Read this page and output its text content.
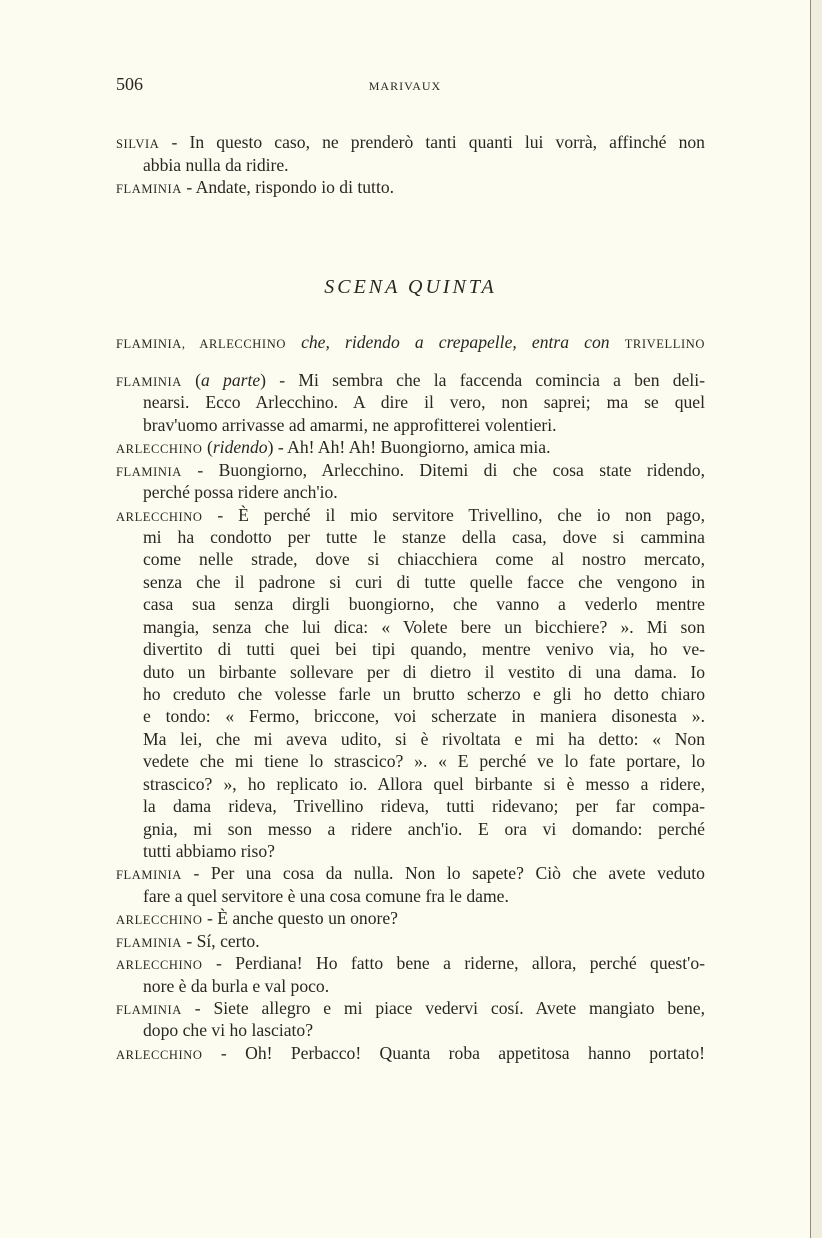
506	MARIVAUX
SILVIA - In questo caso, ne prenderò tanti quanti lui vorrà, affinché non
abbia nulla da ridire.
FLAMINIA - Andate, rispondo io di tutto.
SCENA QUINTA
FLAMINIA, ARLECCHINO che, ridendo a crepapelle, entra con TRIVELLINO
FLAMINIA ( a parte ) - Mi sembra che la faccenda comincia a ben deli-
nearsi. Ecco Arlecchino. A dire il vero, non saprei; ma se quel
brav'uomo arrivasse ad amarmi, ne approfitterei volentieri.
ARLECCHINO ( ridendo ) - Ah! Ah! Ah! Buongiorno, amica mia.
FLAMINIA - Buongiorno, Arlecchino. Ditemi di che cosa state ridendo,
perché possa ridere anch'io.
ARLECCHINO - È perché il mio servitore Trivellino, che io non pago,
mi ha condotto per tutte le stanze della casa, dove si cammina
come nelle strade, dove si chiacchiera come al nostro mercato,
senza che il padrone si curi di tutte quelle facce che vengono in
casa sua senza dirgli buongiorno, che vanno a vederlo mentre
mangia, senza che lui dica: « Volete bere un bicchiere? ». Mi son
divertito di tutti quei bei tipi quando, mentre venivo via, ho ve-
duto un birbante sollevare per di dietro il vestito di una dama. Io
ho creduto che volesse farle un brutto scherzo e gli ho detto chiaro
e tondo: « Fermo, briccone, voi scherzate in maniera disonesta ».
Ma lei, che mi aveva udito, si è rivoltata e mi ha detto: « Non
vedete che mi tiene lo strascico? ». « E perché ve lo fate portare, lo
strascico? », ho replicato io. Allora quel birbante si è messo a ridere,
la dama rideva, Trivellino rideva, tutti ridevano; per far compa-
gnia, mi son messo a ridere anch'io. E ora vi domando: perché
tutti abbiamo riso?
FLAMINIA - Per una cosa da nulla. Non lo sapete? Ciò che avete veduto
fare a quel servitore è una cosa comune fra le dame.
ARLECCHINO - È anche questo un onore?
FLAMINIA - Sí, certo.
ARLECCHINO - Perdiana! Ho fatto bene a riderne, allora, perché quest'o-
nore è da burla e val poco.
FLAMINIA - Siete allegro e mi piace vedervi cosí. Avete mangiato bene,
dopo che vi ho lasciato?
ARLECCHINO - Oh! Perbacco! Quanta roba appetitosa hanno portato!
